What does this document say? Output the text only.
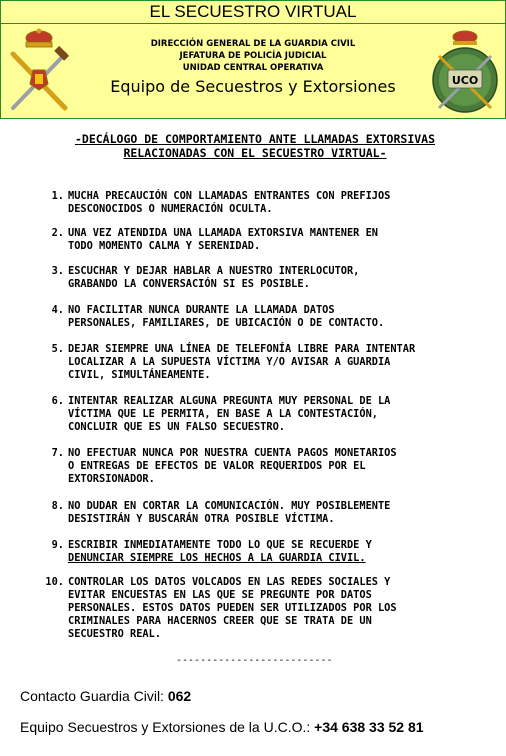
EL SECUESTRO VIRTUAL
DIRECCIÓN GENERAL DE LA GUARDIA CIVIL
JEFATURA DE POLICÍA JUDICIAL
UNIDAD CENTRAL OPERATIVA
Equipo de Secuestros y Extorsiones	UCO
-DECÁLOGO DE COMPORTAMIENTO ANTE LLAMADAS EXTORSIVAS
RELACIONADAS CON EL SECUESTRO VIRTUAL-
1. MUCHA PRECAUCIÓN CON LLAMADAS ENTRANTES CON PREFIJOS
DESCONOCIDOS O NUMERACIÓN OCULTA.
2. UNA VEZ ATENDIDA UNA LLAMADA EXTORSIVA MANTENER EN
TODO MOMENTO CALMA Y SERENIDAD.
3. ESCUCHAR Y DEJAR HABLAR A NUESTRO INTERLOCUTOR,
GRABANDO LA CONVERSACIÓN SI ES POSIBLE.
4. NO FACILITAR NUNCA DURANTE LA LLAMADA DATOS
PERSONALES, FAMILIARES, DE UBICACIÓN O DE CONTACTO.
5. DEJAR SIEMPRE UNA LÍNEA DE TELEFONÍA LIBRE PARA INTENTAR
LOCALIZAR A LA SUPUESTA VÍCTIMA Y/O AVISAR A GUARDIA
CIVIL, SIMULTÁNEAMENTE.
6. INTENTAR REALIZAR ALGUNA PREGUNTA MUY PERSONAL DE LA
VÍCTIMA QUE LE PERMITA, EN BASE A LA CONTESTACIÓN,
CONCLUIR QUE ES UN FALSO SECUESTRO.
7. NO EFECTUAR NUNCA POR NUESTRA CUENTA PAGOS MONETARIOS
O ENTREGAS DE EFECTOS DE VALOR REQUERIDOS POR EL
EXTORSIONADOR.
8. NO DUDAR EN CORTAR LA COMUNICACIÓN. MUY POSIBLEMENTE
DESISTIRÁN Y BUSCARÁN OTRA POSIBLE VÍCTIMA.
9. ESCRIBIR INMEDIATAMENTE TODO LO QUE SE RECUERDE Y
DENUNCIAR SIEMPRE LOS HECHOS A LA GUARDIA CIVIL.
10. CONTROLAR LOS DATOS VOLCADOS EN LAS REDES SOCIALES Y
EVITAR ENCUESTAS EN LAS QUE SE PREGUNTE POR DATOS
PERSONALES. ESTOS DATOS PUEDEN SER UTILIZADOS POR LOS
CRIMINALES PARA HACERNOS CREER QUE SE TRATA DE UN
SECUESTRO REAL.
--------------------------
Contacto Guardia Civil: 062
Equipo Secuestros y Extorsiones de la U.C.O.: +34 638 33 52 81
